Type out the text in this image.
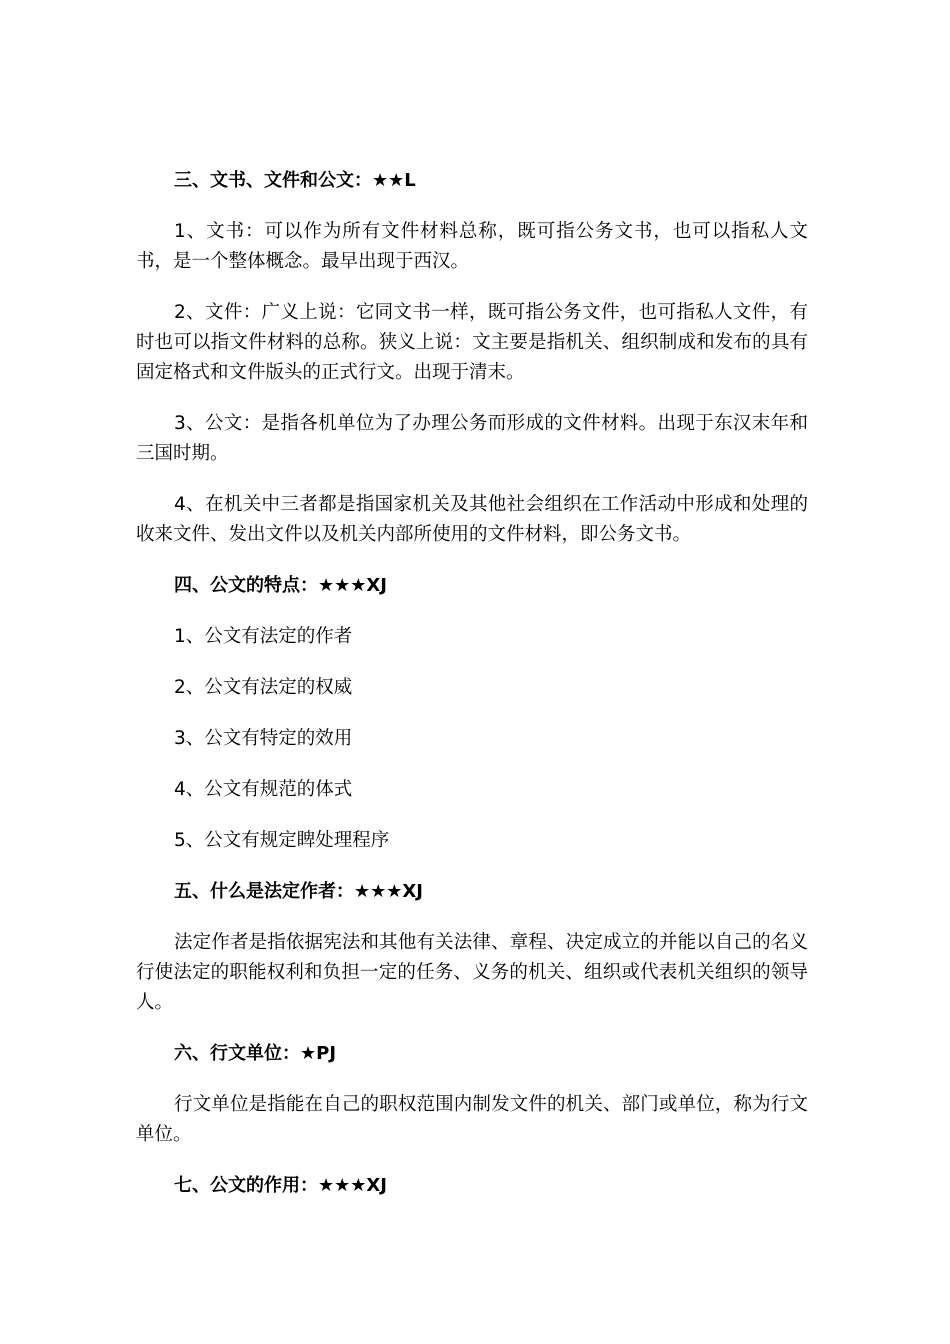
三、文书、文件和公文：★★L

1、文书：可以作为所有文件材料总称，既可指公务文书，也可以指私人文书，是一个整体概念。最早出现于西汉。

2、文件：广义上说：它同文书一样，既可指公务文件，也可指私人文件，有时也可以指文件材料的总称。狭义上说：文主要是指机关、组织制成和发布的具有固定格式和文件版头的正式行文。出现于清末。

3、公文：是指各机单位为了办理公务而形成的文件材料。出现于东汉末年和三国时期。

4、在机关中三者都是指国家机关及其他社会组织在工作活动中形成和处理的收来文件、发出文件以及机关内部所使用的文件材料，即公务文书。

四、公文的特点：★★★XJ
1、公文有法定的作者
2、公文有法定的权威
3、公文有特定的效用
4、公文有规范的体式
5、公文有规定睥处理程序
五、什么是法定作者：★★★XJ

法定作者是指依据宪法和其他有关法律、章程、决定成立的并能以自己的名义行使法定的职能权利和负担一定的任务、义务的机关、组织或代表机关组织的领导人。

六、行文单位：★PJ

行文单位是指能在自己的职权范围内制发文件的机关、部门或单位，称为行文单位。

七、公文的作用：★★★XJ
